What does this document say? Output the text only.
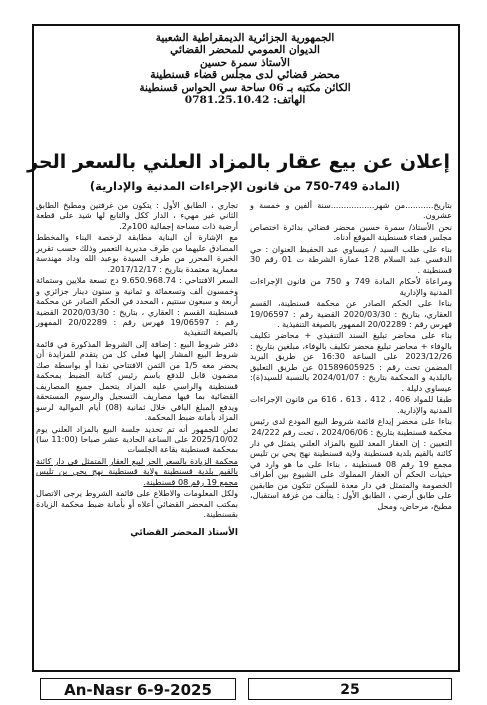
الجمهورية الجزائرية الديمقراطية الشعبية
الديوان العمومي للمحضر القضائي
الأستاذ سمرة حسين
محضر قضائي لدى مجلس قضاء قسنطينة
الكائن مكتبه بـ 06 ساحة سي الحواس قسنطينة
الهاتف: 0781.25.10.42
إعلان عن بيع عقار بالمزاد العلني بالسعر الحر
(المادة 749-750 من قانون الإجراءات المدنية والإدارية)

بتاريخ...........من شهر.................سنة ألفين و خمسة و عشرون.

نحن الأستاذ/ سمرة حسين محضر قضائي بدائرة اختصاص مجلس قضاء قسنطينة الموقع أدناه.

بناء على طلب السيد / عيساوي عبد الحفيظ العنوان : حي الدقسي عبد السلام 128 عمارة الشرطة ت 01 رقم 30 قسنطينة .

ومراعاة لأحكام المادة 749 و 750 من قانون الإجراءات المدنية والإدارية

بناءا على الحكم الصادر عن محكمة قسنطينة، القسم العقاري، بتاريخ : 2020/03/30 القضية رقم : 19/06597 فهرس رقم : 20/02289 الممهور بالصيغة التنفيذية .

بناء على محاضر تبليغ السند التنفيذي + محاضر تكليف بالوفاء + محاضر تبليغ محضر تكليف بالوفاء، مبلغين بتاريخ : 2023/12/26 على الساعة 16:30 عن طريق البريد المضمن تحت رقم : 01589605925 عن طريق التعليق بالبلدية و المحكمة بتاريخ : 2024/01/07 بالنسبة للسيد(ة): عيساوي دليلة .

طبقا للمواد 406 ، 412 ، 613 ، 616 من قانون الإجراءات المدنية والإدارية.

بناءا على محضر إيداع قائمة شروط البيع المودع لدى رئيس محكمة قسنطينة بتاريخ : 2024/06/06 ، تحت رقم 24/222

التعيين : إن العقار المعد للبيع بالمزاد العلني يتمثل في دار كائنة بالقيم بلدية قسنطينة ولاية قسنطينة نهج يحي بن تليس مجمع 19 رقم 08 قسنطينة ، بناءا على ما هو وارد في حيثيات الحكم أن العقار المملوك على الشيوع بين أطراف الخصومة والمتمثل في دار معدة للسكن تتكون من طابقين على طابق أرضي ، الطابق الأول : يتألف من غرفة استقبال، مطبخ، مرحاض، ومحل

تجاري ، الطابق الأول : يتكون من غرفتين ومطبخ الطابق الثاني غير مهيء ، الدار ككل والتابع لها شيد على قطعة أرضية ذات مساحة إجمالية 100م2.

مع الإشارة أن البناية مطابقة لرخصة البناء والمخطط المصادق عليهما من طرف مديرية التعمير وذلك حسب تقرير الخبرة المحرر من طرف السيدة بوعبد الله وداد مهندسة معمارية معتمدة بتاريخ : 2017/12/17.

السعر الافتتاحي : 9.650.968.74 دج تسعة ملايين وستمائة وخمسون ألف وتسعمائة و ثمانية و ستون دينار جزائري و أربعة و سبعون سنتيم ، المحدد في الحكم الصادر عن محكمة قسنطينة القسم : العقاري ، بتاريخ : 2020/03/30 القضية رقم : 19/06597 فهرس رقم : 20/02289 الممهور بالصيغة التنفيذية

دفتر شروط البيع : إضافة إلى الشروط المذكورة في قائمة شروط البيع المشار إليها فعلى كل من يتقدم للمزايدة أن يحضر معه 1/5 من الثمن الافتتاحي نقدا أو بواسطة صك مضمون قابل للدفع باسم رئيس كتابة الضبط بمحكمة قسنطينة والراسي عليه المزاد يتحمل جميع المصاريف القضائية بما فيها مصاريف التسجيل والرسوم المستحقة ويدفع المبلغ الباقي خلال ثمانية (08) أيام الموالية لرسو المزاد بأمانة ضبط المحكمة.

تعلن للجمهور أنه تم تحديد جلسة البيع بالمزاد العلني يوم 2025/10/02 على الساعة الحادية عشر صباحا (11:00 سا) بمحكمة قسنطينة بقاعة الجلسات

محكمة الزيادة بالسعر الحر لبيع العقار المتمثل في دار كائنة بالقيم بلدية قسنطينة ولاية قسنطينة نهج يحي بن تليس مجمع 19 رقم 08 قسنطينة.

ولكل المعلومات والاطلاع على قائمة الشروط يرجى الاتصال بمكتب المحضر القضائي أعلاه أو بأمانة ضبط محكمة الزيادة بقسنطينة.

الأستاذ المحضر القضائي
An-Nasr 6-9-2025	25
